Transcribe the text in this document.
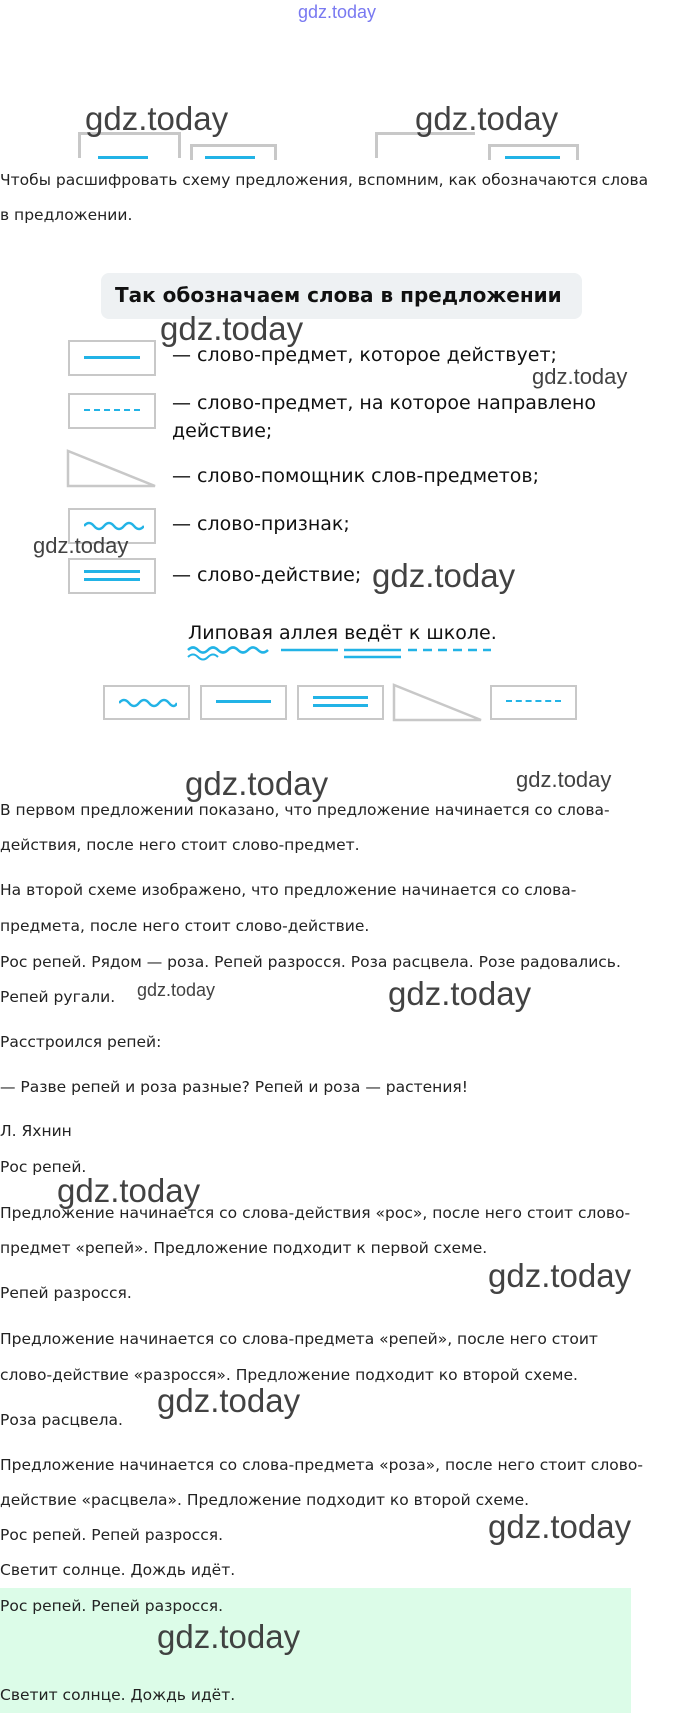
gdz.today
gdz.today	gdz.today
Чтобы расшифровать схему предложения, вспомним, как обозначаются слова
в предложении.
Так обозначаем слова в предложении
— слово-предмет, которое действует;
— слово-предмет, на которое направлено
действие;
— слово-помощник слов-предметов;
— слово-признак;
— слово-действие;
Липовая аллея ведёт к школе.
gdz.today
gdz.today
gdz.today
gdz.today
gdz.today	gdz.today
В первом предложении показано, что предложение начинается со слова-
действия, после него стоит слово-предмет.
На второй схеме изображено, что предложение начинается со слова-
предмета, после него стоит слово-действие.
Рос репей. Рядом — роза. Репей разросся. Роза расцвела. Розе радовались.
Репей ругали.
Расстроился репей:
— Разве репей и роза разные? Репей и роза — растения!
Л. Яхнин
Рос репей.
Предложение начинается со слова-действия «рос», после него стоит слово-
предмет «репей». Предложение подходит к первой схеме.
Репей разросся.
Предложение начинается со слова-предмета «репей», после него стоит
слово-действие «разросся». Предложение подходит ко второй схеме.
Роза расцвела.
Предложение начинается со слова-предмета «роза», после него стоит слово-
действие «расцвела». Предложение подходит ко второй схеме.
Рос репей. Репей разросся.
Светит солнце. Дождь идёт.
Рос репей. Репей разросся.
Светит солнце. Дождь идёт.
gdz.today	gdz.today
gdz.today
gdz.today
gdz.today
gdz.today
gdz.today
